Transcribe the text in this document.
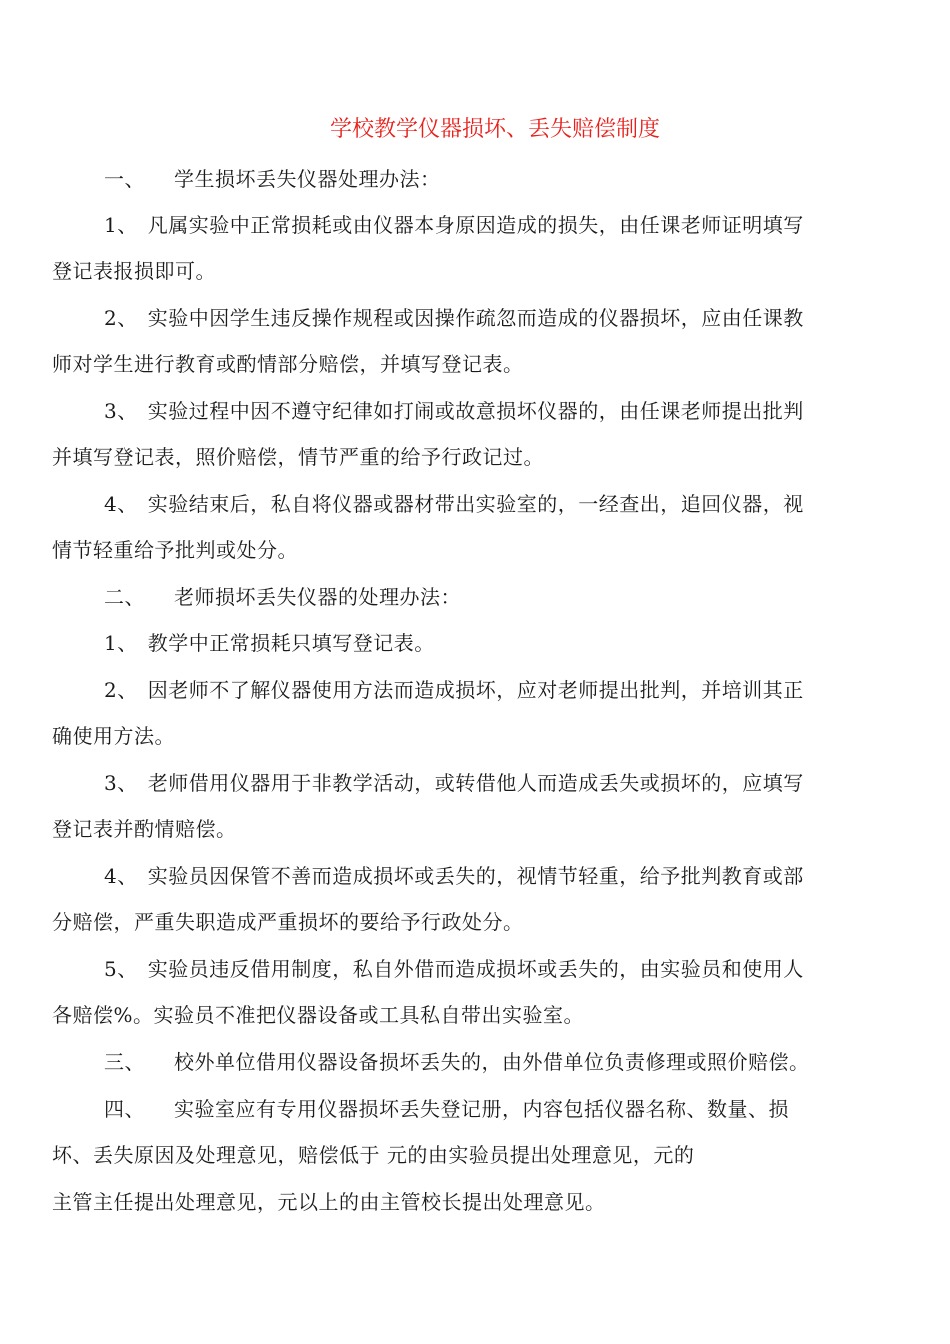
学校教学仪器损坏、丢失赔偿制度
一、 学生损坏丢失仪器处理办法：
1、 凡属实验中正常损耗或由仪器本身原因造成的损失，由任课老师证明填写
登记表报损即可。
2、 实验中因学生违反操作规程或因操作疏忽而造成的仪器损坏，应由任课教
师对学生进行教育或酌情部分赔偿，并填写登记表。
3、 实验过程中因不遵守纪律如打闹或故意损坏仪器的，由任课老师提出批判
并填写登记表，照价赔偿，情节严重的给予行政记过。
4、 实验结束后，私自将仪器或器材带出实验室的，一经查出，追回仪器，视
情节轻重给予批判或处分。
二、 老师损坏丢失仪器的处理办法：
1、 教学中正常损耗只填写登记表。
2、 因老师不了解仪器使用方法而造成损坏，应对老师提出批判，并培训其正
确使用方法。
3、 老师借用仪器用于非教学活动，或转借他人而造成丢失或损坏的，应填写
登记表并酌情赔偿。
4、 实验员因保管不善而造成损坏或丢失的，视情节轻重，给予批判教育或部
分赔偿，严重失职造成严重损坏的要给予行政处分。
5、 实验员违反借用制度，私自外借而造成损坏或丢失的，由实验员和使用人
各赔偿%。实验员不准把仪器设备或工具私自带出实验室。
三、 校外单位借用仪器设备损坏丢失的，由外借单位负责修理或照价赔偿。
四、 实验室应有专用仪器损坏丢失登记册，内容包括仪器名称、数量、损
坏、丢失原因及处理意见，赔偿低于 元的由实验员提出处理意见，元的
主管主任提出处理意见，元以上的由主管校长提出处理意见。
